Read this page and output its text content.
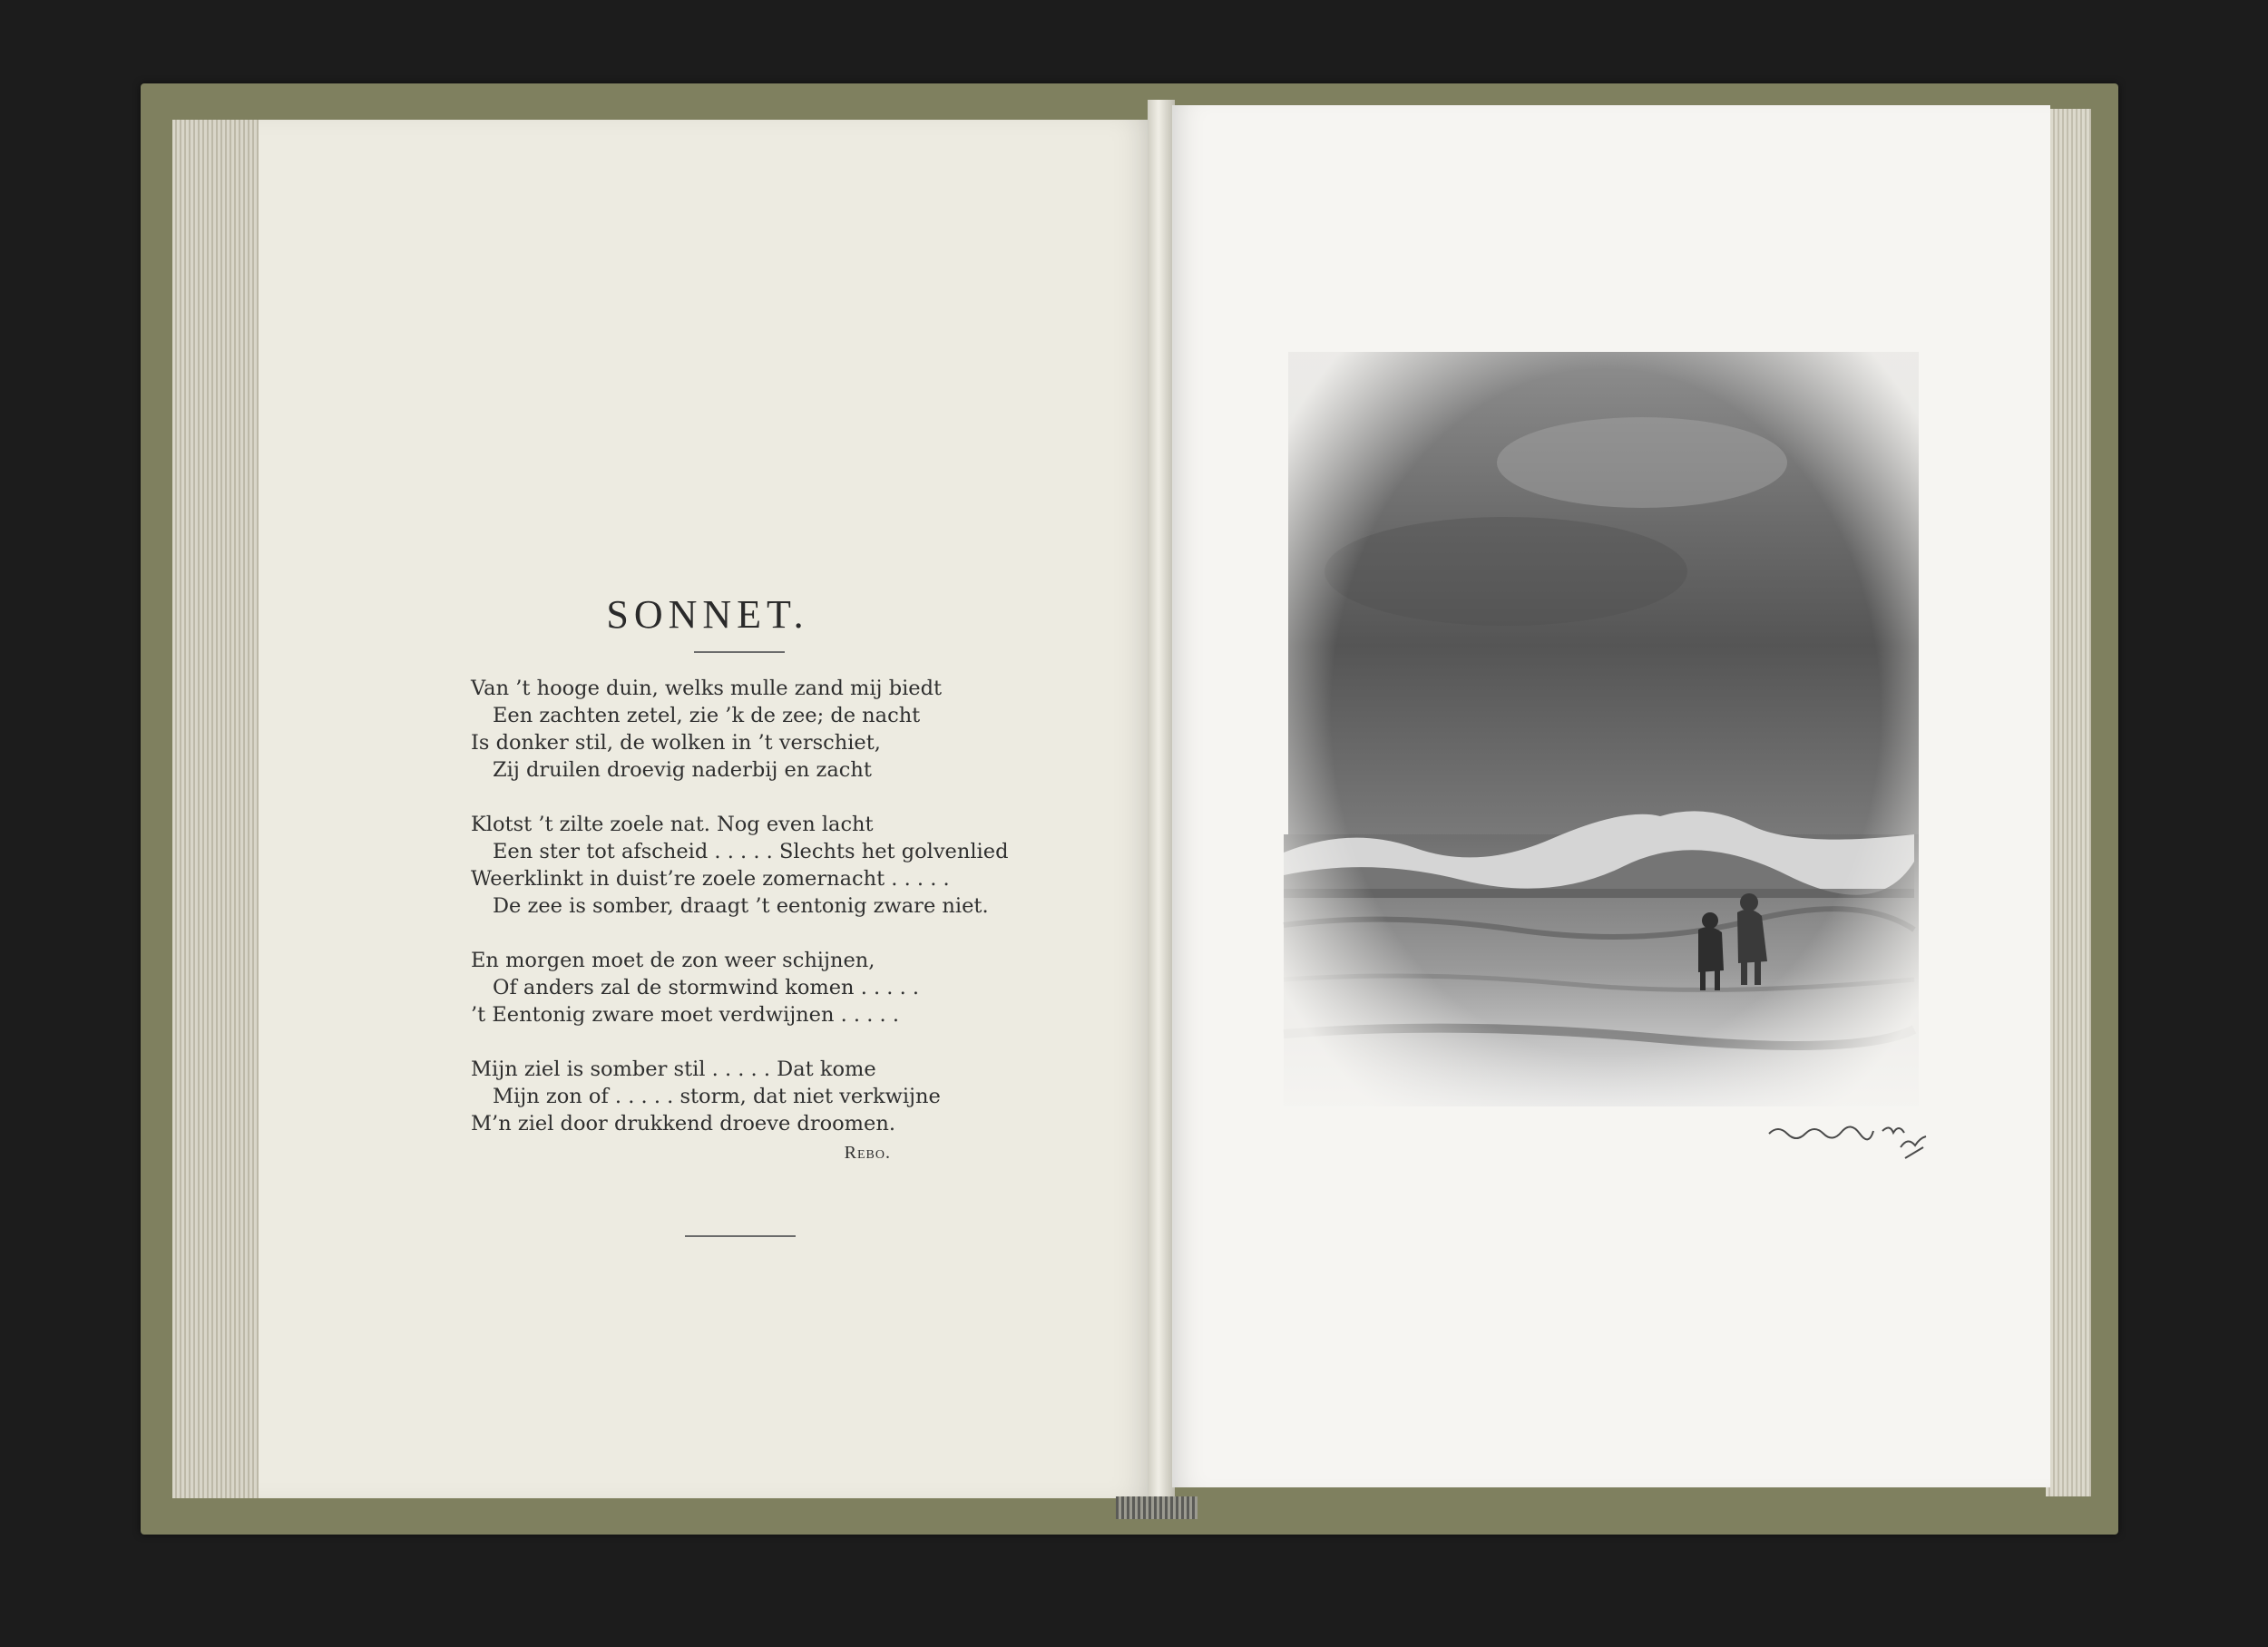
SONNET.
Van ’t hooge duin, welks mulle zand mij biedt
Een zachten zetel, zie ’k de zee; de nacht
Is donker stil, de wolken in ’t verschiet,
Zij druilen droevig naderbij en zacht
Klotst ’t zilte zoele nat. Nog even lacht
Een ster tot afscheid . . . . . Slechts het golvenlied
Weerklinkt in duist’re zoele zomernacht . . . . .
De zee is somber, draagt ’t eentonig zware niet.
En morgen moet de zon weer schijnen,
Of anders zal de stormwind komen . . . . .
’t Eentonig zware moet verdwijnen . . . . .
Mijn ziel is somber stil . . . . . Dat kome
Mijn zon of . . . . . storm, dat niet verkwijne
M’n ziel door drukkend droeve droomen.
Rebo.
